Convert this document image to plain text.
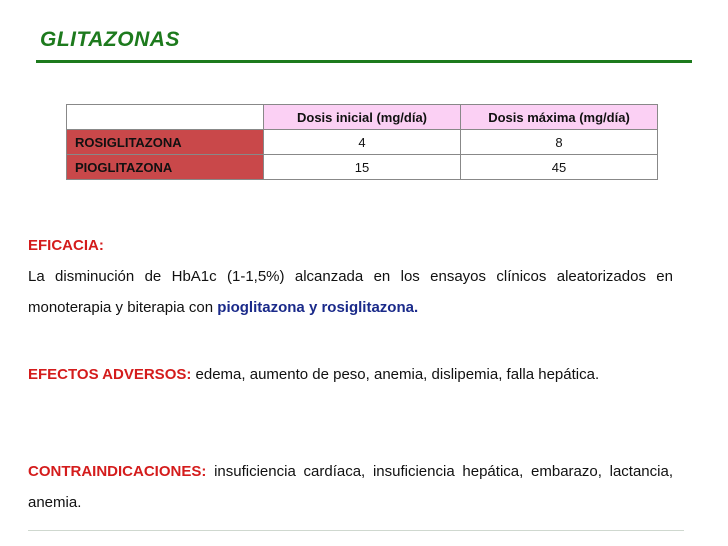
GLITAZONAS
	Dosis inicial (mg/día)	Dosis máxima (mg/día)
ROSIGLITAZONA	4	8
PIOGLITAZONA	15	45
EFICACIA:
La disminución de HbA1c (1-1,5%) alcanzada en los ensayos clínicos aleatorizados en monoterapia y biterapia con pioglitazona y rosiglitazona.
EFECTOS ADVERSOS: edema, aumento de peso, anemia, dislipemia, falla hepática.
CONTRAINDICACIONES: insuficiencia cardíaca, insuficiencia hepática, embarazo, lactancia, anemia.
